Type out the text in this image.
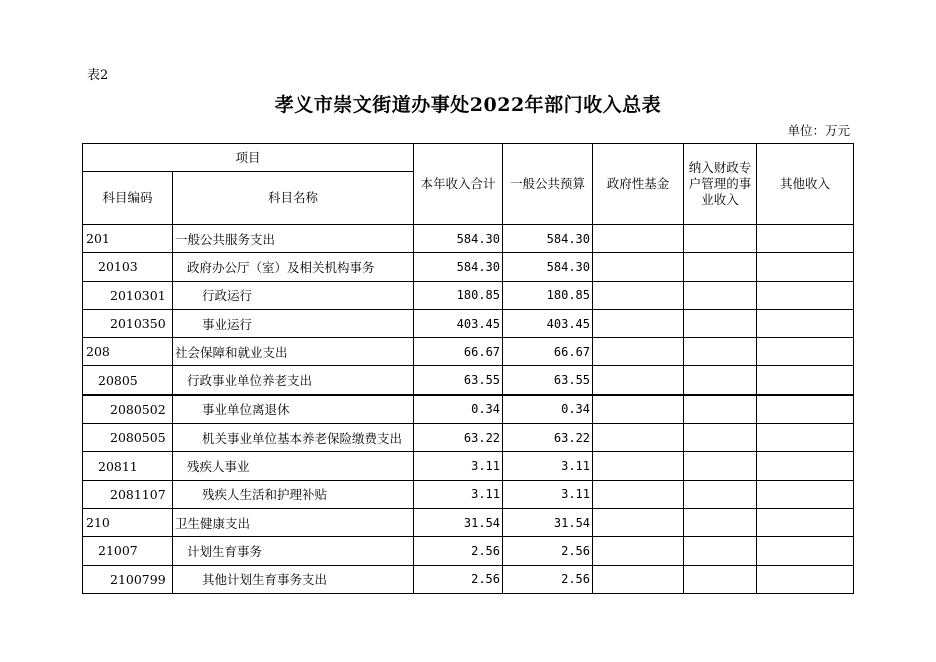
表2
孝义市崇文街道办事处2022年部门收入总表
单位：万元
项目		本年收入合计	一般公共预算	政府性基金	纳入财政专户管理的事业收入	其他收入
科目编码	科目名称					
201	一般公共服务支出	584.30	584.30			
20103	政府办公厅（室）及相关机构事务	584.30	584.30			
2010301	行政运行	180.85	180.85			
2010350	事业运行	403.45	403.45			
208	社会保障和就业支出	66.67	66.67			
20805	行政事业单位养老支出	63.55	63.55			
2080502	事业单位离退休	0.34	0.34			
2080505	机关事业单位基本养老保险缴费支出	63.22	63.22			
20811	残疾人事业	3.11	3.11			
2081107	残疾人生活和护理补贴	3.11	3.11			
210	卫生健康支出	31.54	31.54			
21007	计划生育事务	2.56	2.56			
2100799	其他计划生育事务支出	2.56	2.56			
